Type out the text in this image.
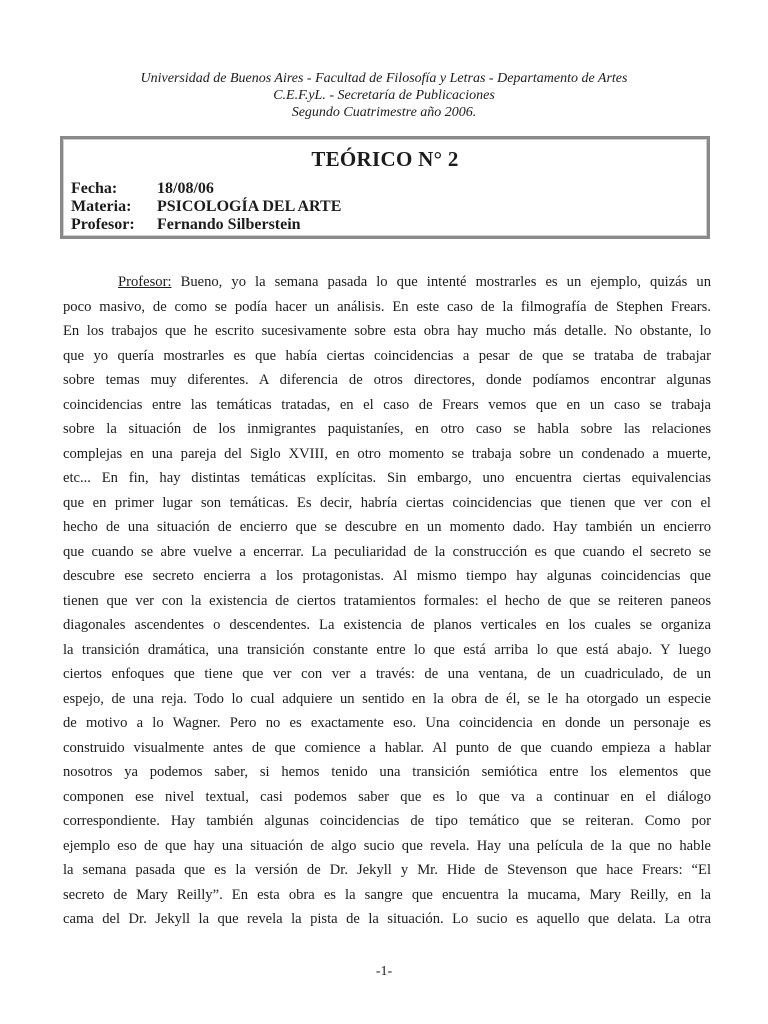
Universidad de Buenos Aires - Facultad de Filosofía y Letras - Departamento de Artes
C.E.F.yL. - Secretaría de Publicaciones
Segundo Cuatrimestre año 2006.
TEÓRICO N° 2
Fecha: 18/08/06
Materia: PSICOLOGÍA DEL ARTE
Profesor: Fernando Silberstein
Profesor: Bueno, yo la semana pasada lo que intenté mostrarles es un ejemplo, quizás un
poco masivo, de como se podía hacer un análisis. En este caso de la filmografía de Stephen Frears.
En los trabajos que he escrito sucesivamente sobre esta obra hay mucho más detalle. No obstante, lo
que yo quería mostrarles es que había ciertas coincidencias a pesar de que se trataba de trabajar
sobre temas muy diferentes. A diferencia de otros directores, donde podíamos encontrar algunas
coincidencias entre las temáticas tratadas, en el caso de Frears vemos que en un caso se trabaja
sobre la situación de los inmigrantes paquistaníes, en otro caso se habla sobre las relaciones
complejas en una pareja del Siglo XVIII, en otro momento se trabaja sobre un condenado a muerte,
etc... En fin, hay distintas temáticas explícitas. Sin embargo, uno encuentra ciertas equivalencias
que en primer lugar son temáticas. Es decir, habría ciertas coincidencias que tienen que ver con el
hecho de una situación de encierro que se descubre en un momento dado. Hay también un encierro
que cuando se abre vuelve a encerrar. La peculiaridad de la construcción es que cuando el secreto se
descubre ese secreto encierra a los protagonistas. Al mismo tiempo hay algunas coincidencias que
tienen que ver con la existencia de ciertos tratamientos formales: el hecho de que se reiteren paneos
diagonales ascendentes o descendentes. La existencia de planos verticales en los cuales se organiza
la transición dramática, una transición constante entre lo que está arriba lo que está abajo. Y luego
ciertos enfoques que tiene que ver con ver a través: de una ventana, de un cuadriculado, de un
espejo, de una reja. Todo lo cual adquiere un sentido en la obra de él, se le ha otorgado un especie
de motivo a lo Wagner. Pero no es exactamente eso. Una coincidencia en donde un personaje es
construido visualmente antes de que comience a hablar. Al punto de que cuando empieza a hablar
nosotros ya podemos saber, si hemos tenido una transición semiótica entre los elementos que
componen ese nivel textual, casi podemos saber que es lo que va a continuar en el diálogo
correspondiente. Hay también algunas coincidencias de tipo temático que se reiteran. Como por
ejemplo eso de que hay una situación de algo sucio que revela. Hay una película de la que no hable
la semana pasada que es la versión de Dr. Jekyll y Mr. Hide de Stevenson que hace Frears: “El
secreto de Mary Reilly”. En esta obra es la sangre que encuentra la mucama, Mary Reilly, en la
cama del Dr. Jekyll la que revela la pista de la situación. Lo sucio es aquello que delata. La otra
-1-
